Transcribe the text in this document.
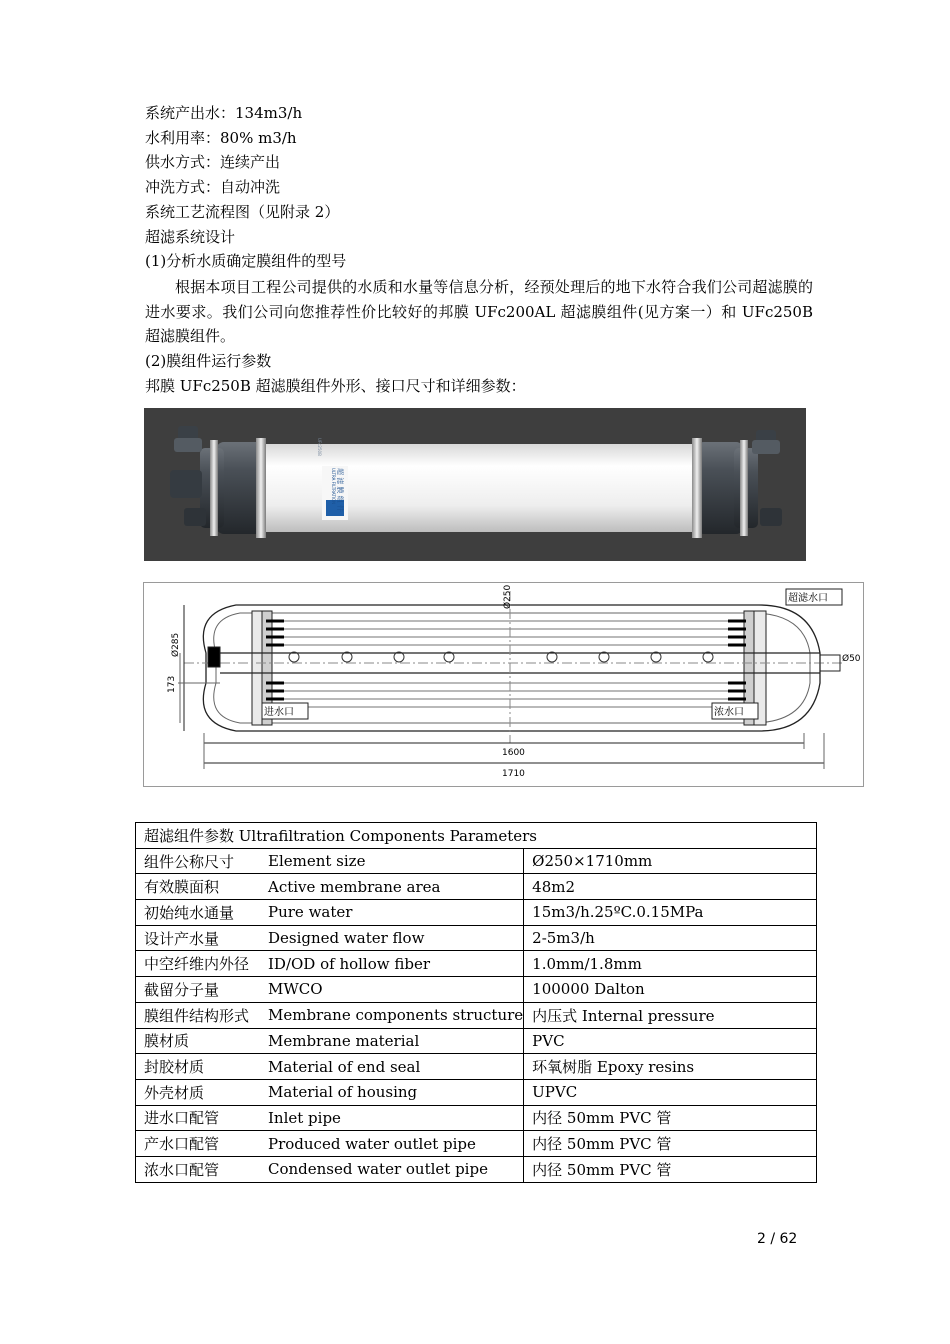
系统产出水：134m3/h
水利用率：80% m3/h
供水方式：连续产出
冲洗方式：自动冲洗
系统工艺流程图（见附录 2）
超滤系统设计
(1)分析水质确定膜组件的型号
根据本项目工程公司提供的水质和水量等信息分析，经预处理后的地下水符合我们公司超滤膜的进水要求。我们公司向您推荐性价比较好的邦膜 UFc200AL 超滤膜组件(见方案一）和 UFc250B 超滤膜组件。
(2)膜组件运行参数
邦膜 UFc250B 超滤膜组件外形、接口尺寸和详细参数：
超 滤 膜 组 件
ULTRA FILTRATION
UFc250B
超滤水口
进水口	浓水口
Ø250
Ø285
Ø50
173
1600
1710
超滤组件参数 Ultrafiltration Components Parameters		
组件公称尺寸	Element size	Ø250×1710mm
有效膜面积	Active membrane area	48m2
初始纯水通量	Pure water	15m3/h.25ºC.0.15MPa
设计产水量	Designed water flow	2-5m3/h
中空纤维内外径	ID/OD of hollow fiber	1.0mm/1.8mm
截留分子量	MWCO	100000 Dalton
膜组件结构形式	Membrane components structure	内压式 Internal pressure
膜材质	Membrane material	PVC
封胶材质	Material of end seal	环氧树脂 Epoxy resins
外壳材质	Material of housing	UPVC
进水口配管	Inlet pipe	内径 50mm PVC 管
产水口配管	Produced water outlet pipe	内径 50mm PVC 管
浓水口配管	Condensed water outlet pipe	内径 50mm PVC 管
2 / 62
